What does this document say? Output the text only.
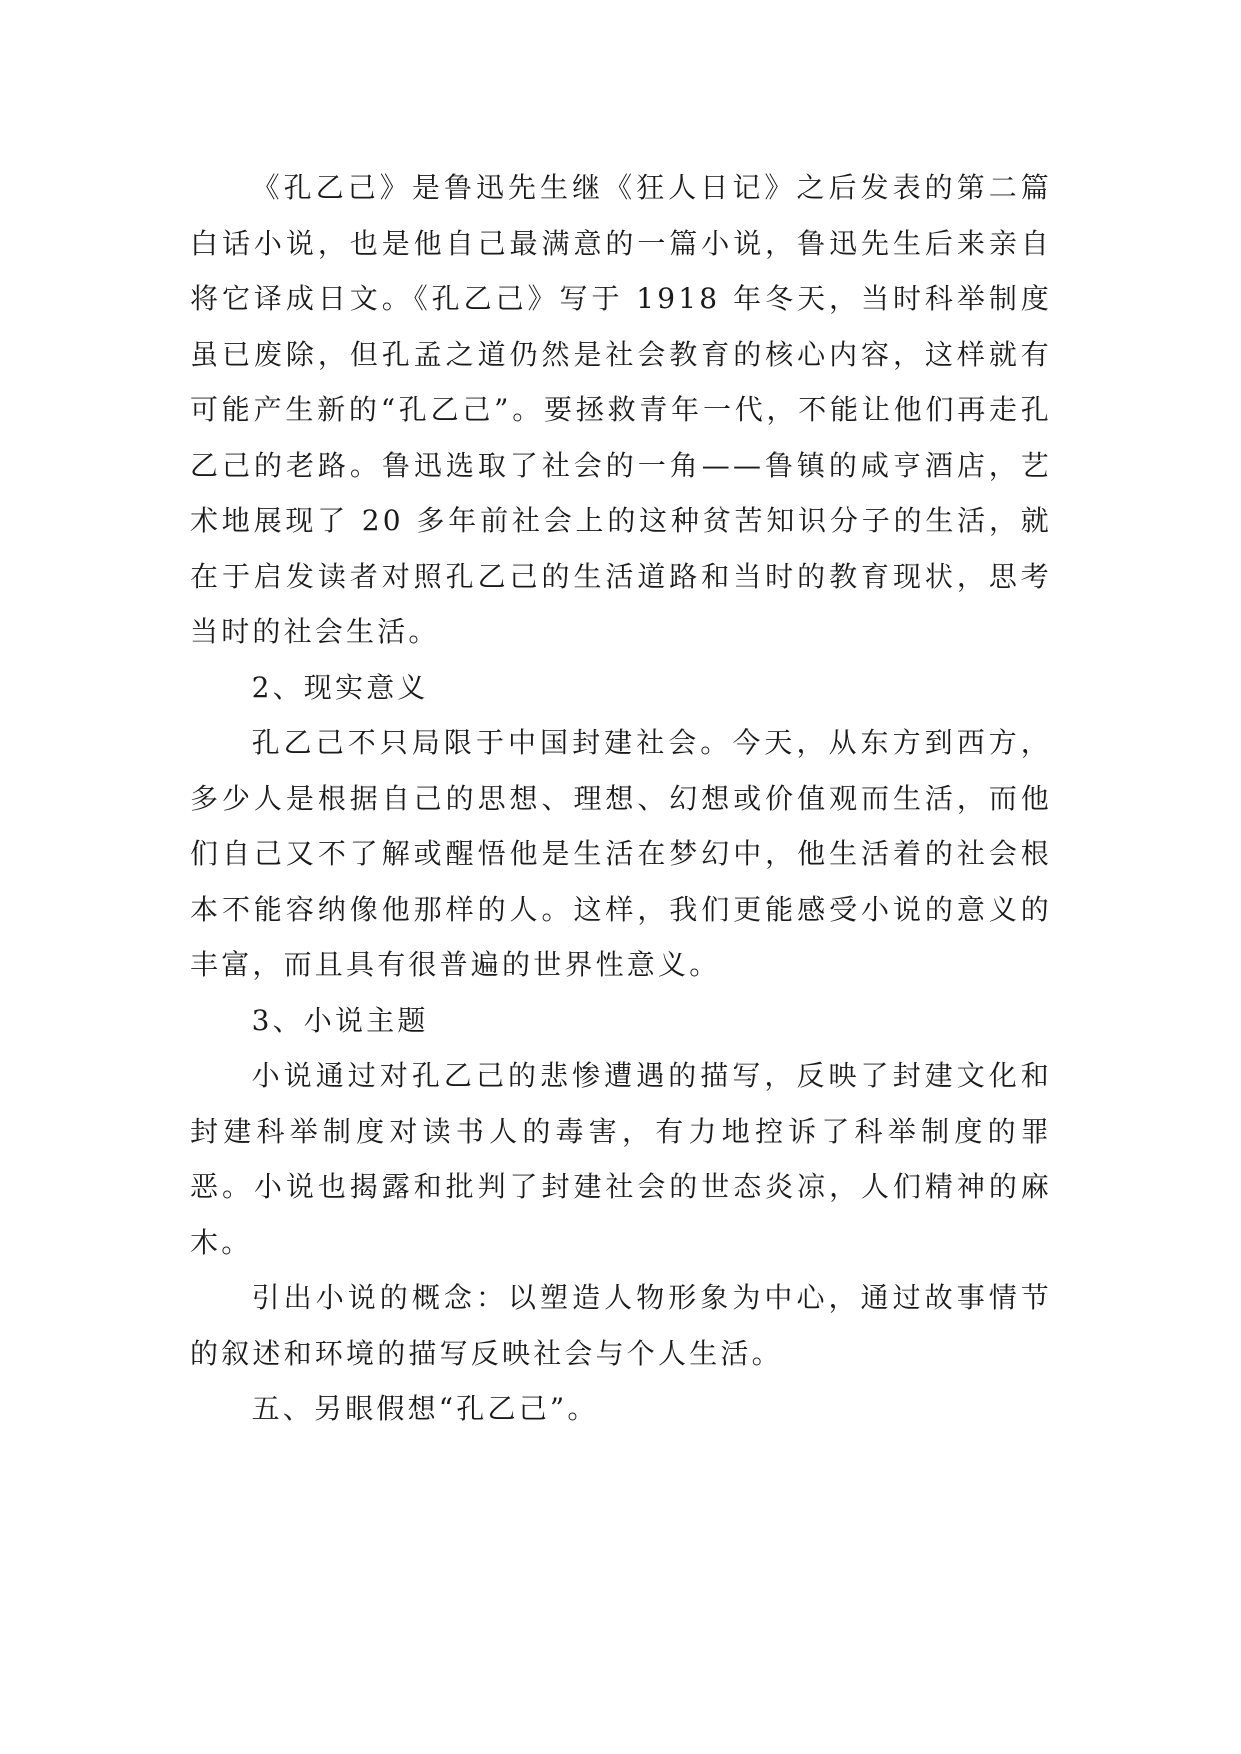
《孔乙己》是鲁迅先生继《狂人日记》之后发表的第二篇白话小说，也是他自己最满意的一篇小说，鲁迅先生后来亲自将它译成日文。《孔乙己》写于 1918 年冬天，当时科举制度虽已废除，但孔孟之道仍然是社会教育的核心内容，这样就有可能产生新的“孔乙己”。要拯救青年一代，不能让他们再走孔乙己的老路。鲁迅选取了社会的一角——鲁镇的咸亨酒店，艺术地展现了 20 多年前社会上的这种贫苦知识分子的生活，就在于启发读者对照孔乙己的生活道路和当时的教育现状，思考当时的社会生活。

2、现实意义

孔乙己不只局限于中国封建社会。今天，从东方到西方，多少人是根据自己的思想、理想、幻想或价值观而生活，而他们自己又不了解或醒悟他是生活在梦幻中，他生活着的社会根本不能容纳像他那样的人。这样，我们更能感受小说的意义的丰富，而且具有很普遍的世界性意义。

3、小说主题

小说通过对孔乙己的悲惨遭遇的描写，反映了封建文化和封建科举制度对读书人的毒害，有力地控诉了科举制度的罪恶。小说也揭露和批判了封建社会的世态炎凉，人们精神的麻木。

引出小说的概念：以塑造人物形象为中心，通过故事情节的叙述和环境的描写反映社会与个人生活。

五、另眼假想“孔乙己”。
